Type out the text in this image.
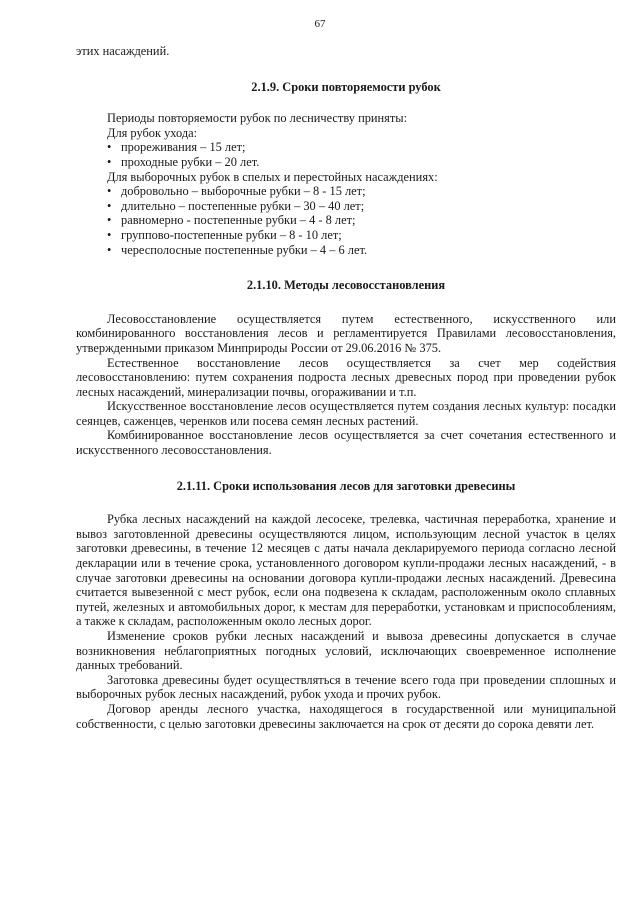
67

этих насаждений.

2.1.9. Сроки повторяемости рубок

Периоды повторяемости рубок по лесничеству приняты:

Для рубок ухода:

• прореживания – 15 лет;
• проходные рубки – 20 лет.

Для выборочных рубок в спелых и перестойных насаждениях:

• добровольно – выборочные рубки – 8 - 15 лет;
• длительно – постепенные рубки – 30 – 40 лет;
• равномерно - постепенные рубки – 4 - 8 лет;
• группово-постепенные рубки – 8 - 10 лет;
• чересполосные постепенные рубки – 4 – 6 лет.
2.1.10. Методы лесовосстановления

Лесовосстановление осуществляется путем естественного, искусственного или комбинированного восстановления лесов и регламентируется Правилами лесовосстановления, утвержденными приказом Минприроды России от 29.06.2016 № 375.

Естественное восстановление лесов осуществляется за счет мер содействия лесовосстановлению: путем сохранения подроста лесных древесных пород при проведении рубок лесных насаждений, минерализации почвы, огораживании и т.п.

Искусственное восстановление лесов осуществляется путем создания лесных культур: посадки сеянцев, саженцев, черенков или посева семян лесных растений.

Комбинированное восстановление лесов осуществляется за счет сочетания естественного и искусственного лесовосстановления.

2.1.11. Сроки использования лесов для заготовки древесины

Рубка лесных насаждений на каждой лесосеке, трелевка, частичная переработка, хранение и вывоз заготовленной древесины осуществляются лицом, использующим лесной участок в целях заготовки древесины, в течение 12 месяцев с даты начала декларируемого периода согласно лесной декларации или в течение срока, установленного договором купли-продажи лесных насаждений, - в случае заготовки древесины на основании договора купли-продажи лесных насаждений. Древесина считается вывезенной с мест рубок, если она подвезена к складам, расположенным около сплавных путей, железных и автомобильных дорог, к местам для переработки, установкам и приспособлениям, а также к складам, расположенным около лесных дорог.

Изменение сроков рубки лесных насаждений и вывоза древесины допускается в случае возникновения неблагоприятных погодных условий, исключающих своевременное исполнение данных требований.

Заготовка древесины будет осуществляться в течение всего года при проведении сплошных и выборочных рубок лесных насаждений, рубок ухода и прочих рубок.

Договор аренды лесного участка, находящегося в государственной или муниципальной собственности, с целью заготовки древесины заключается на срок от десяти до сорока девяти лет.
